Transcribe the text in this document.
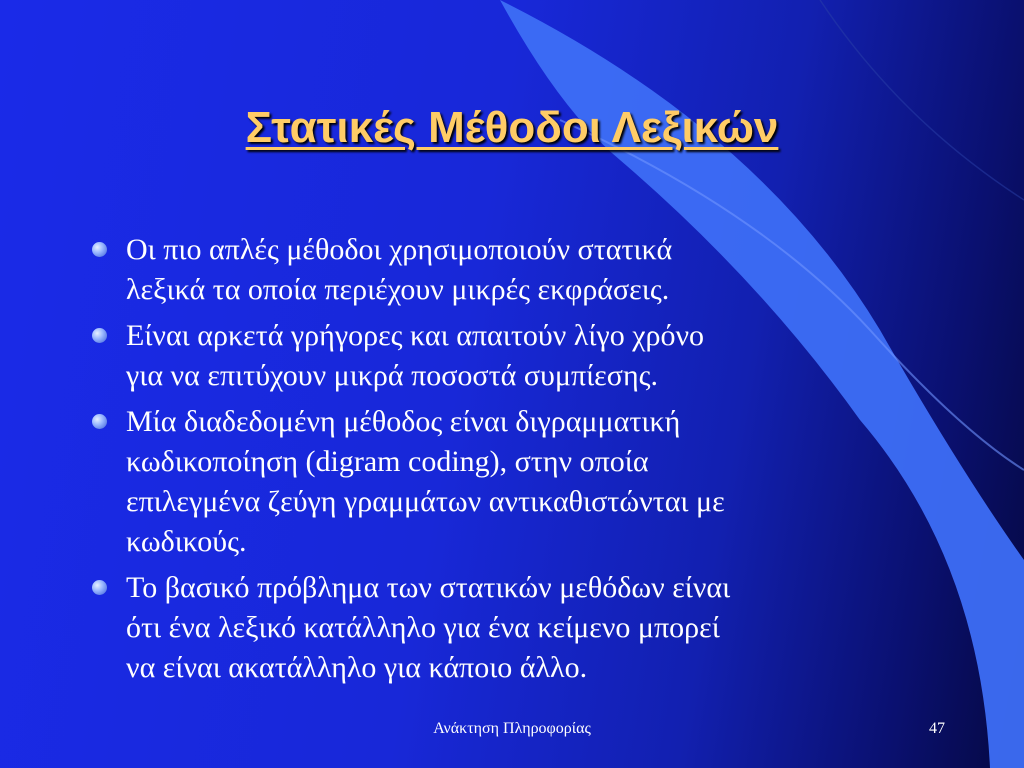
Στατικές Μέθοδοι Λεξικών
Οι πιο απλές μέθοδοι χρησιμοποιούν στατικά
λεξικά τα οποία περιέχουν μικρές εκφράσεις.
Είναι αρκετά γρήγορες και απαιτούν λίγο χρόνο
για να επιτύχουν μικρά ποσοστά συμπίεσης.
Μία διαδεδομένη μέθοδος είναι διγραμματική
κωδικοποίηση (digram coding), στην οποία
επιλεγμένα ζεύγη γραμμάτων αντικαθιστώνται με
κωδικούς.
Το βασικό πρόβλημα των στατικών μεθόδων είναι
ότι ένα λεξικό κατάλληλο για ένα κείμενο μπορεί
να είναι ακατάλληλο για κάποιο άλλο.
Ανάκτηση Πληροφορίας	47
